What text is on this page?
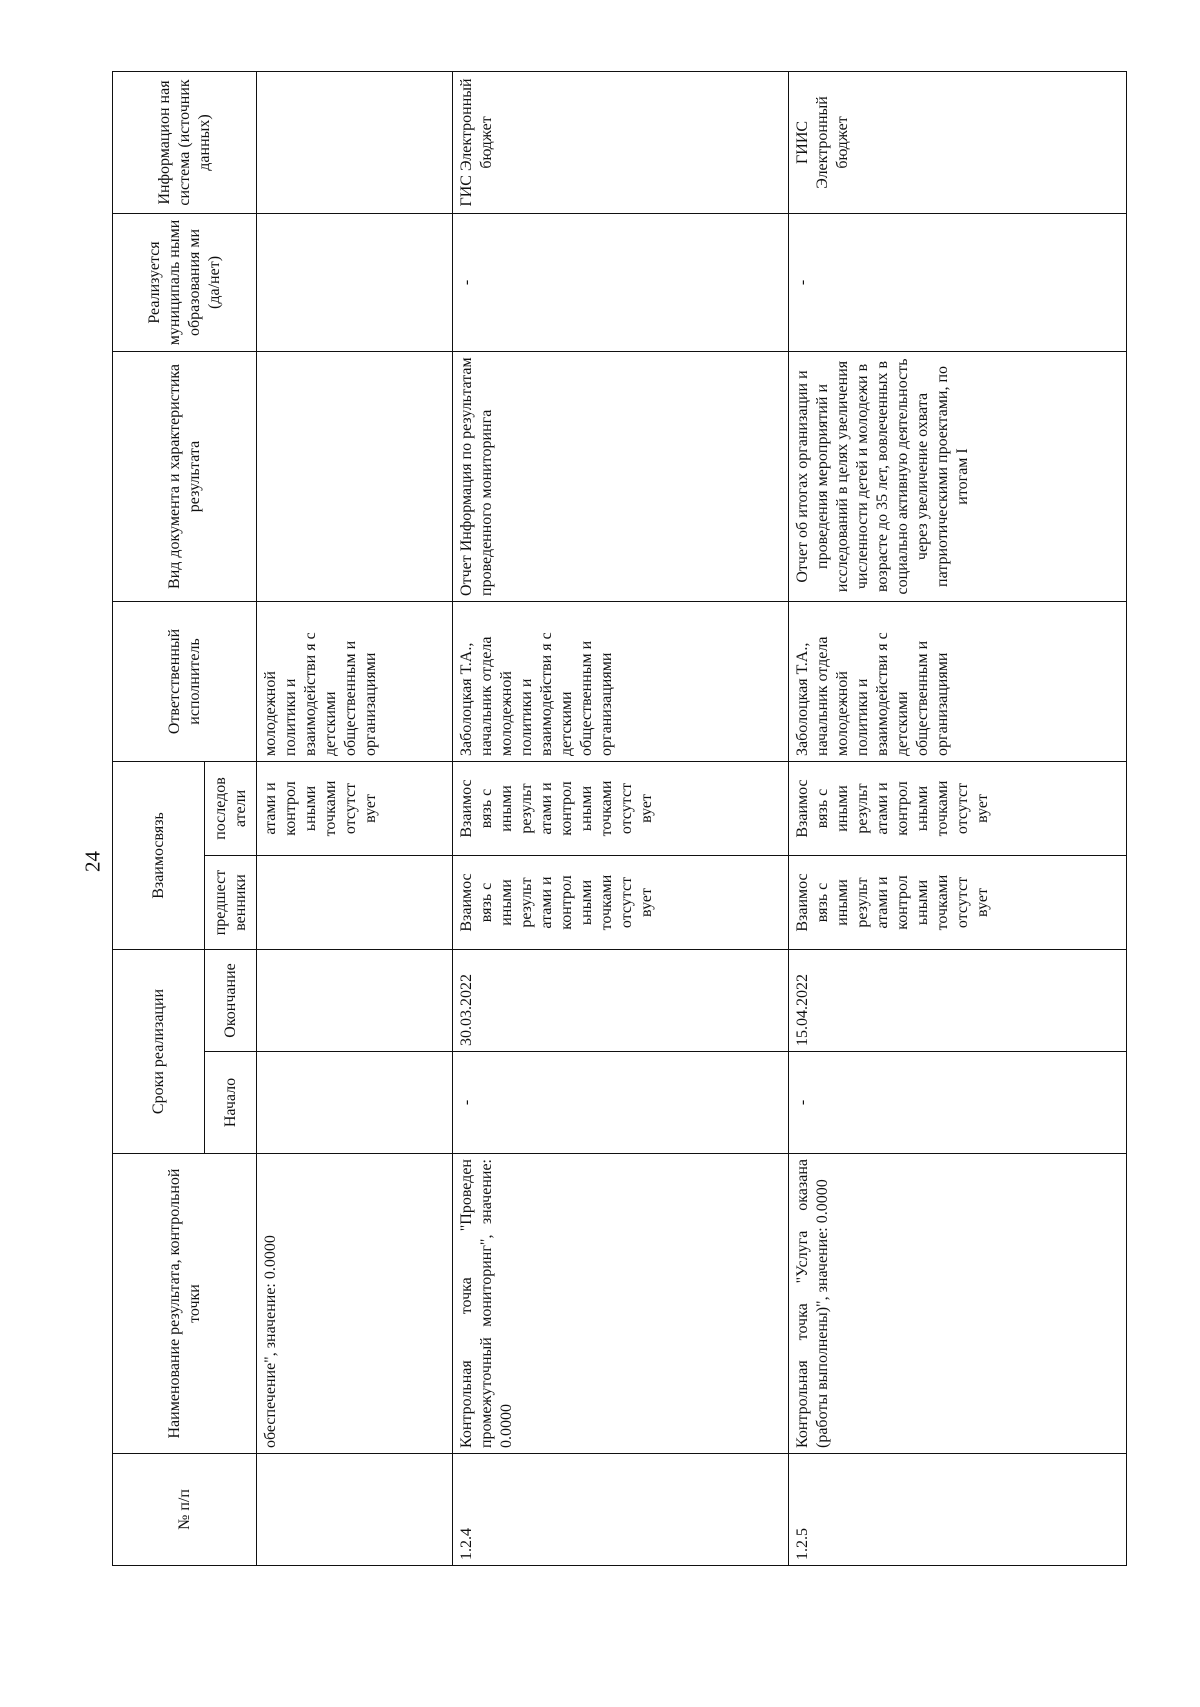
24
№ п/п	Наименование результата, контрольной точки	Сроки реализации		Взаимосвязь		Ответственный исполнитель	Вид документа и характеристика результата	Реализуется муниципаль ными образования ми (да/нет)	Информацион ная система (источник данных)
		Начало	Окончание	предшест венники	последов атели				
	обеспечение", значение: 0.0000				атами и контрол ьными точками отсутст вует	молодежной политики и взаимодействи я с детскими общественным и организациями			
1.2.4	Контрольная точка "Проведен промежуточный мониторинг", значение: 0.0000	-	30.03.2022	Взаимос вязь с иными результ атами и контрол ьными точками отсутст вует	Взаимос вязь с иными результ атами и контрол ьными точками отсутст вует	Заболоцкая Т.А., начальник отдела молодежной политики и взаимодействи я с детскими общественным и организациями	Отчет Информация по результатам проведенного мониторинга	-	ГИС Электронный бюджет
1.2.5	Контрольная точка "Услуга оказана (работы выполнены)", значение: 0.0000	-	15.04.2022	Взаимос вязь с иными результ атами и контрол ьными точками отсутст вует	Взаимос вязь с иными результ атами и контрол ьными точками отсутст вует	Заболоцкая Т.А., начальник отдела молодежной политики и взаимодействи я с детскими общественным и организациями	Отчет об итогах организации и проведения мероприятий и исследований в целях увеличения численности детей и молодежи в возрасте до 35 лет, вовлеченных в социально активную деятельность через увеличение охвата патриотическими проектами, по итогам I	-	ГИИС Электронный бюджет
